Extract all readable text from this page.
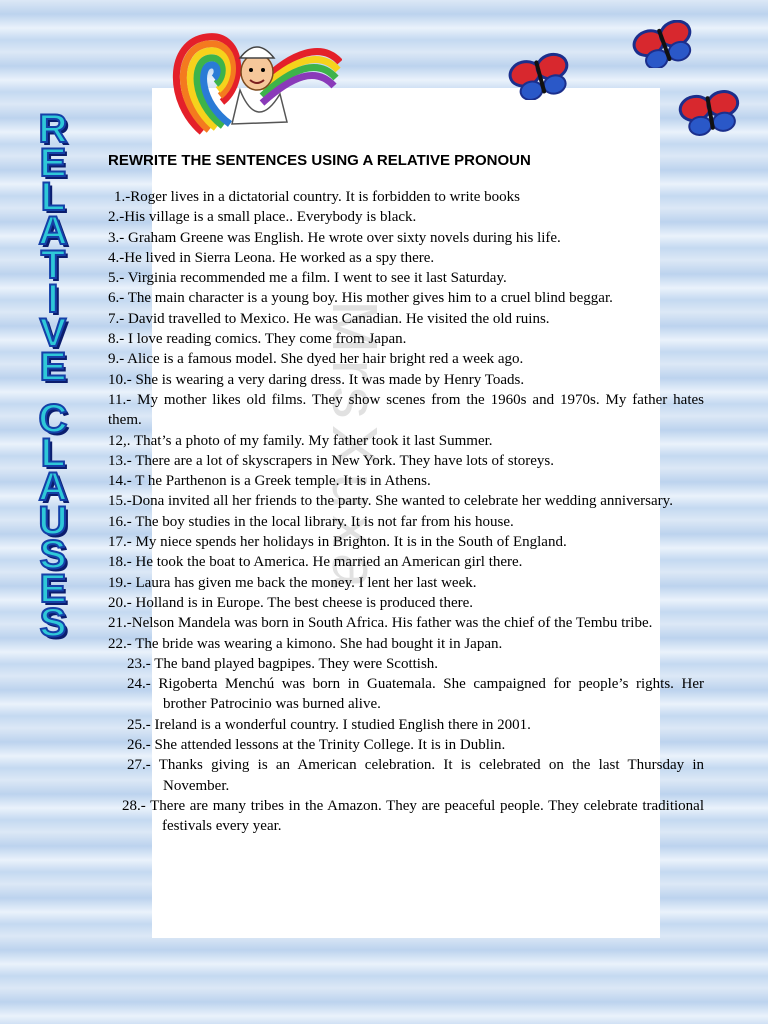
R
E
L
A
T
I
V
E
C
L
A
U
S
E
S
MrsXuxa
REWRITE THE SENTENCES USING A RELATIVE PRONOUN

1.-Roger lives in a dictatorial country. It is forbidden to write books

2.-His village is a small place.. Everybody is black.

3.- Graham Greene was English. He wrote over sixty novels during his life.

4.-He lived in Sierra Leona. He worked as a spy there.

5.- Virginia recommended me a film. I went to see it last Saturday.

6.- The main character is a young boy. His mother gives him to a cruel blind beggar.

7.- David travelled to Mexico. He was Canadian. He visited the old ruins.

8.- I love reading comics. They come from Japan.

9.- Alice is a famous model. She dyed her hair bright red a week ago.

10.- She is wearing a very daring dress. It was made by Henry Toads.

11.- My mother likes old films. They show scenes from the 1960s and 1970s. My father hates them.

12,. That’s a photo of my family. My father took it last Summer.

13.- There are a lot of skyscrapers in New York. They have lots of storeys.

14.- T he Parthenon is a Greek temple. It is in Athens.

15.-Dona invited all her friends to the party. She wanted to celebrate her wedding anniversary.

16.- The boy studies in the local library. It is not far from his house.

17.- My niece spends her holidays in Brighton. It is in the South of England.

18.- He took the boat to America. He married an American girl there.

19.- Laura has given me back the money. I lent her last week.

20.- Holland is in Europe. The best cheese is produced there.

21.-Nelson Mandela was born in South Africa. His father was the chief of the Tembu tribe.

22.- The bride was wearing a kimono. She had bought it in Japan.

23.- The band played bagpipes. They were Scottish.

24.- Rigoberta Menchú was born in Guatemala. She campaigned for people’s rights. Her brother Patrocinio was burned alive.

25.- Ireland is a wonderful country. I studied English there in 2001.

26.- She attended lessons at the Trinity College. It is in Dublin.

27.- Thanks giving is an American celebration. It is celebrated on the last Thursday in November.

28.- There are many tribes in the Amazon. They are peaceful people. They celebrate traditional festivals every year.
